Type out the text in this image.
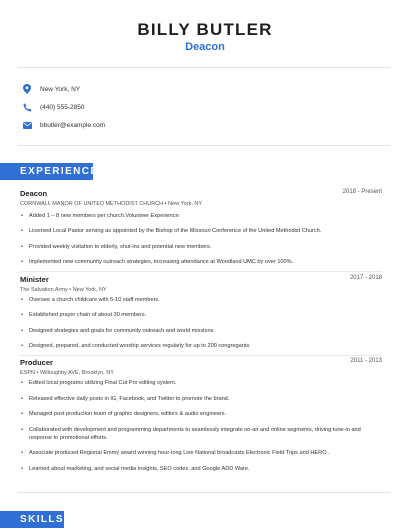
BILLY BUTLER
Deacon
New York, NY
(440) 555-2850
bbutler@example.com
EXPERIENCE
Deacon	2018 - Present
CORNWALL MANOR OF UNITED METHODIST CHURCH • New York, NY
• Added 1 – 8 new members per church.Volunteer Experience:
• Licensed Local Pastor serving as appointed by the Bishop of the Missouri Conference of the United Methodist Church.
• Provided weekly visitation to elderly, shut-ins and potential new members.
• Implemented new community outreach strategies, increasing attendance at Woodland UMC by over 100%.
Minister	2017 - 2018
The Salvation Army • New York, NY
• Oversee a church childcare with 5-10 staff members.
• Established prayer chain of about 30 members.
• Designed strategies and goals for community outreach and world missions.
• Designed, prepared, and conducted worship services regularly for up to 200 congregants.
Producer	2011 - 2013
ESPN • Willoughby AVE, Brooklyn, NY
• Edited local programs utilizing Final Cut Pro editing system.
• Released effective daily posts in IG, Facebook, and Twitter to promote the brand.
• Managed post production team of graphic designers, editors & audio engineers.
• Collaborated with development and programming departments to seamlessly integrate on-air and online segments, driving tune-in and response to promotional efforts.
• Associate produced Regional Emmy award winning hour-long Live National broadcasts Electronic Field Trips and HERO .
• Learned about marketing, and social media insights, SEO codes, and Google ADD Ware.
SKILLS
